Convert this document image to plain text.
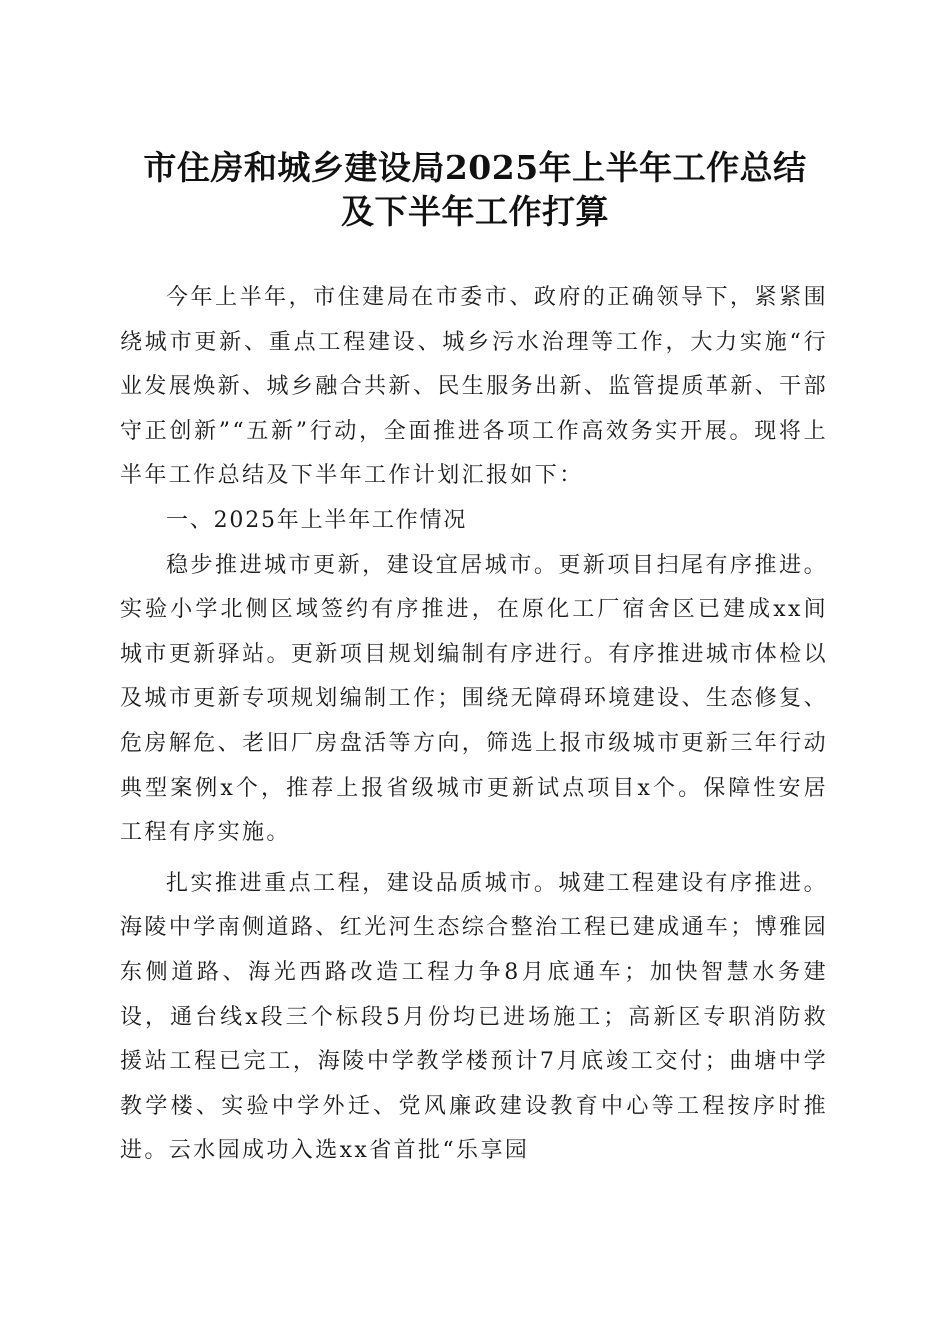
市住房和城乡建设局2025年上半年工作总结
及下半年工作打算

今年上半年，市住建局在市委市、政府的正确领导下，紧紧围绕城市更新、重点工程建设、城乡污水治理等工作，大力实施“行业发展焕新、城乡融合共新、民生服务出新、监管提质革新、干部守正创新”“五新”行动，全面推进各项工作高效务实开展。现将上半年工作总结及下半年工作计划汇报如下：

一、2025年上半年工作情况

稳步推进城市更新，建设宜居城市。更新项目扫尾有序推进。实验小学北侧区域签约有序推进，在原化工厂宿舍区已建成xx间城市更新驿站。更新项目规划编制有序进行。有序推进城市体检以及城市更新专项规划编制工作；围绕无障碍环境建设、生态修复、危房解危、老旧厂房盘活等方向，筛选上报市级城市更新三年行动典型案例x个，推荐上报省级城市更新试点项目x个。保障性安居工程有序实施。

扎实推进重点工程，建设品质城市。城建工程建设有序推进。海陵中学南侧道路、红光河生态综合整治工程已建成通车；博雅园东侧道路、海光西路改造工程力争8月底通车；加快智慧水务建设，通台线x段三个标段5月份均已进场施工；高新区专职消防救援站工程已完工，海陵中学教学楼预计7月底竣工交付；曲塘中学教学楼、实验中学外迁、党风廉政建设教育中心等工程按序时推进。云水园成功入选xx省首批“乐享园
